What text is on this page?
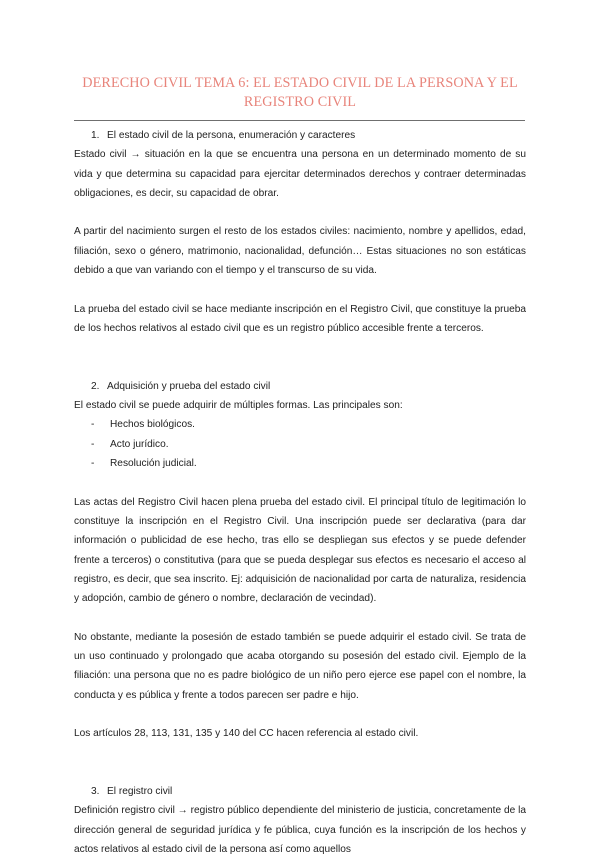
DERECHO CIVIL TEMA 6: EL ESTADO CIVIL DE LA PERSONA Y EL REGISTRO CIVIL

1. El estado civil de la persona, enumeración y caracteres

Estado civil → situación en la que se encuentra una persona en un determinado momento de su vida y que determina su capacidad para ejercitar determinados derechos y contraer determinadas obligaciones, es decir, su capacidad de obrar.

A partir del nacimiento surgen el resto de los estados civiles: nacimiento, nombre y apellidos, edad, filiación, sexo o género, matrimonio, nacionalidad, defunción… Estas situaciones no son estáticas debido a que van variando con el tiempo y el transcurso de su vida.

La prueba del estado civil se hace mediante inscripción en el Registro Civil, que constituye la prueba de los hechos relativos al estado civil que es un registro público accesible frente a terceros.

2. Adquisición y prueba del estado civil

El estado civil se puede adquirir de múltiples formas. Las principales son:

- Hechos biológicos.
- Acto jurídico.
- Resolución judicial.

Las actas del Registro Civil hacen plena prueba del estado civil. El principal título de legitimación lo constituye la inscripción en el Registro Civil. Una inscripción puede ser declarativa (para dar información o publicidad de ese hecho, tras ello se despliegan sus efectos y se puede defender frente a terceros) o constitutiva (para que se pueda desplegar sus efectos es necesario el acceso al registro, es decir, que sea inscrito. Ej: adquisición de nacionalidad por carta de naturaliza, residencia y adopción, cambio de género o nombre, declaración de vecindad).

No obstante, mediante la posesión de estado también se puede adquirir el estado civil. Se trata de un uso continuado y prolongado que acaba otorgando su posesión del estado civil. Ejemplo de la filiación: una persona que no es padre biológico de un niño pero ejerce ese papel con el nombre, la conducta y es pública y frente a todos parecen ser padre e hijo.

Los artículos 28, 113, 131, 135 y 140 del CC hacen referencia al estado civil.

3. El registro civil

Definición registro civil → registro público dependiente del ministerio de justicia, concretamente de la dirección general de seguridad jurídica y fe pública, cuya función es la inscripción de los hechos y actos relativos al estado civil de la persona así como aquellos
